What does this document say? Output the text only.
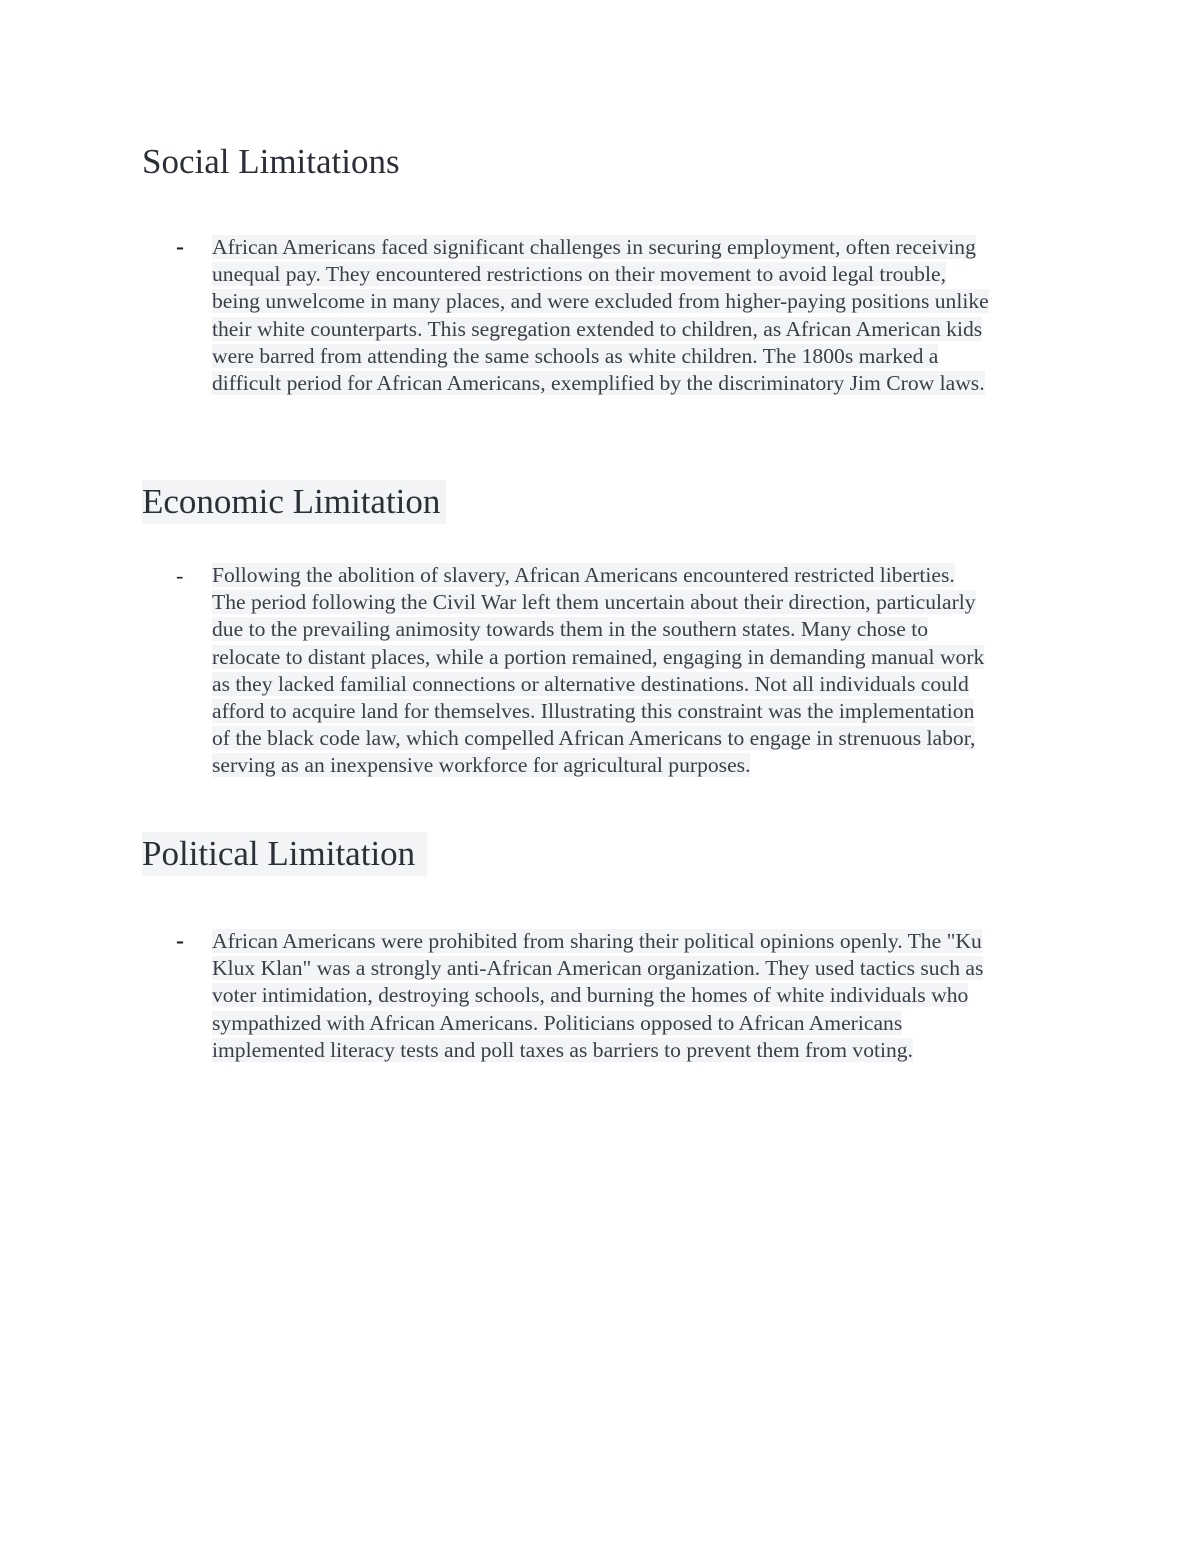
Social Limitations
- African Americans faced significant challenges in securing employment, often receiving
unequal pay. They encountered restrictions on their movement to avoid legal trouble,
being unwelcome in many places, and were excluded from higher-paying positions unlike
their white counterparts. This segregation extended to children, as African American kids
were barred from attending the same schools as white children. The 1800s marked a
difficult period for African Americans, exemplified by the discriminatory Jim Crow laws.

Economic Limitation
- Following the abolition of slavery, African Americans encountered restricted liberties.
The period following the Civil War left them uncertain about their direction, particularly
due to the prevailing animosity towards them in the southern states. Many chose to
relocate to distant places, while a portion remained, engaging in demanding manual work
as they lacked familial connections or alternative destinations. Not all individuals could
afford to acquire land for themselves. Illustrating this constraint was the implementation
of the black code law, which compelled African Americans to engage in strenuous labor,
serving as an inexpensive workforce for agricultural purposes.

Political Limitation
- African Americans were prohibited from sharing their political opinions openly. The "Ku
Klux Klan" was a strongly anti-African American organization. They used tactics such as
voter intimidation, destroying schools, and burning the homes of white individuals who
sympathized with African Americans. Politicians opposed to African Americans
implemented literacy tests and poll taxes as barriers to prevent them from voting.
